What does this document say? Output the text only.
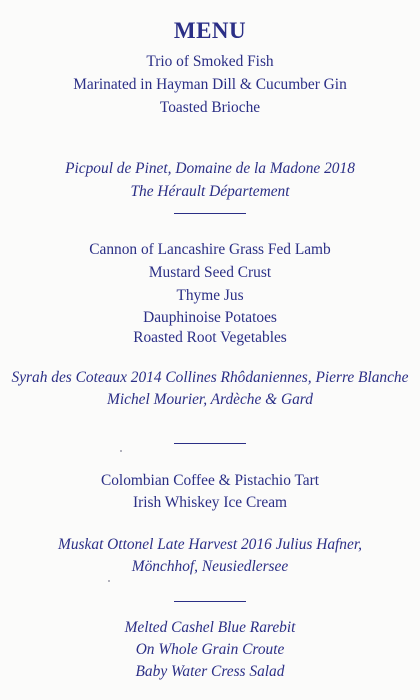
MENU
Trio of Smoked Fish
Marinated in Hayman Dill & Cucumber Gin
Toasted Brioche
Picpoul de Pinet, Domaine de la Madone 2018
The Hérault Département
Cannon of Lancashire Grass Fed Lamb
Mustard Seed Crust
Thyme Jus
Dauphinoise Potatoes
Roasted Root Vegetables
Syrah des Coteaux 2014 Collines Rhôdaniennes, Pierre Blanche
Michel Mourier, Ardèche & Gard
Colombian Coffee & Pistachio Tart
Irish Whiskey Ice Cream
Muskat Ottonel Late Harvest 2016 Julius Hafner,
Mönchhof, Neusiedlersee
Melted Cashel Blue Rarebit
On Whole Grain Croute
Baby Water Cress Salad
